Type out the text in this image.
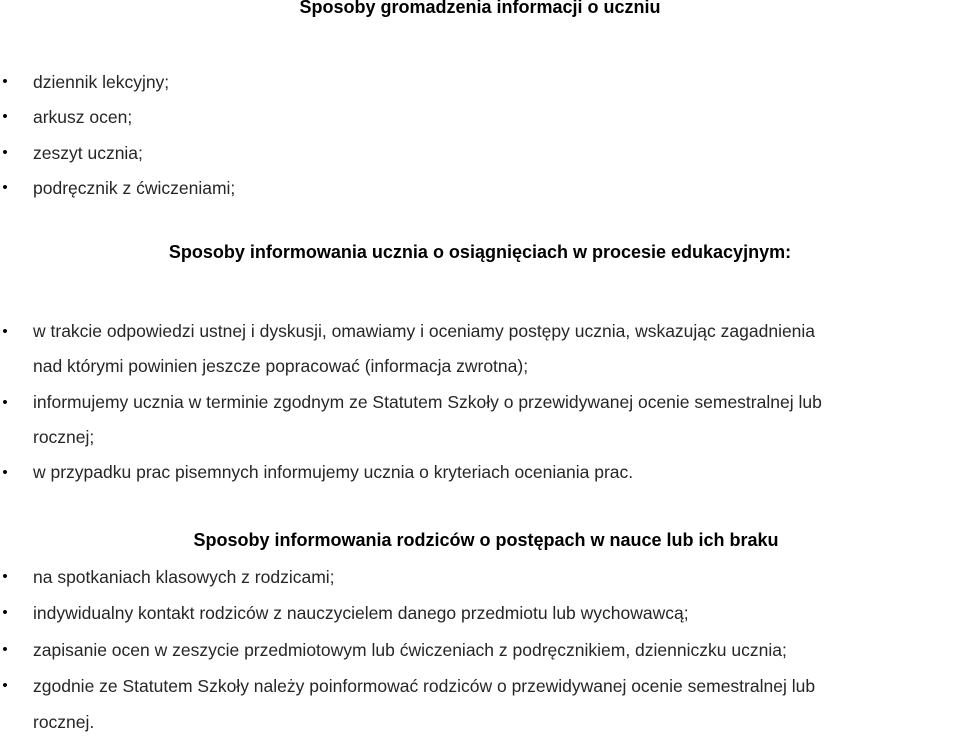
Sposoby gromadzenia informacji o uczniu
• dziennik lekcyjny;
• arkusz ocen;
• zeszyt ucznia;
• podręcznik z ćwiczeniami;
Sposoby informowania ucznia o osiągnięciach w procesie edukacyjnym:
• w trakcie odpowiedzi ustnej i dyskusji, omawiamy i oceniamy postępy ucznia, wskazując zagadnienia
nad którymi powinien jeszcze popracować (informacja zwrotna);
• informujemy ucznia w terminie zgodnym ze Statutem Szkoły o przewidywanej ocenie semestralnej lub
rocznej;
• w przypadku prac pisemnych informujemy ucznia o kryteriach oceniania prac.
Sposoby informowania rodziców o postępach w nauce lub ich braku
• na spotkaniach klasowych z rodzicami;
• indywidualny kontakt rodziców z nauczycielem danego przedmiotu lub wychowawcą;
• zapisanie ocen w zeszycie przedmiotowym lub ćwiczeniach z podręcznikiem, dzienniczku ucznia;
• zgodnie ze Statutem Szkoły należy poinformować rodziców o przewidywanej ocenie semestralnej lub
rocznej.
